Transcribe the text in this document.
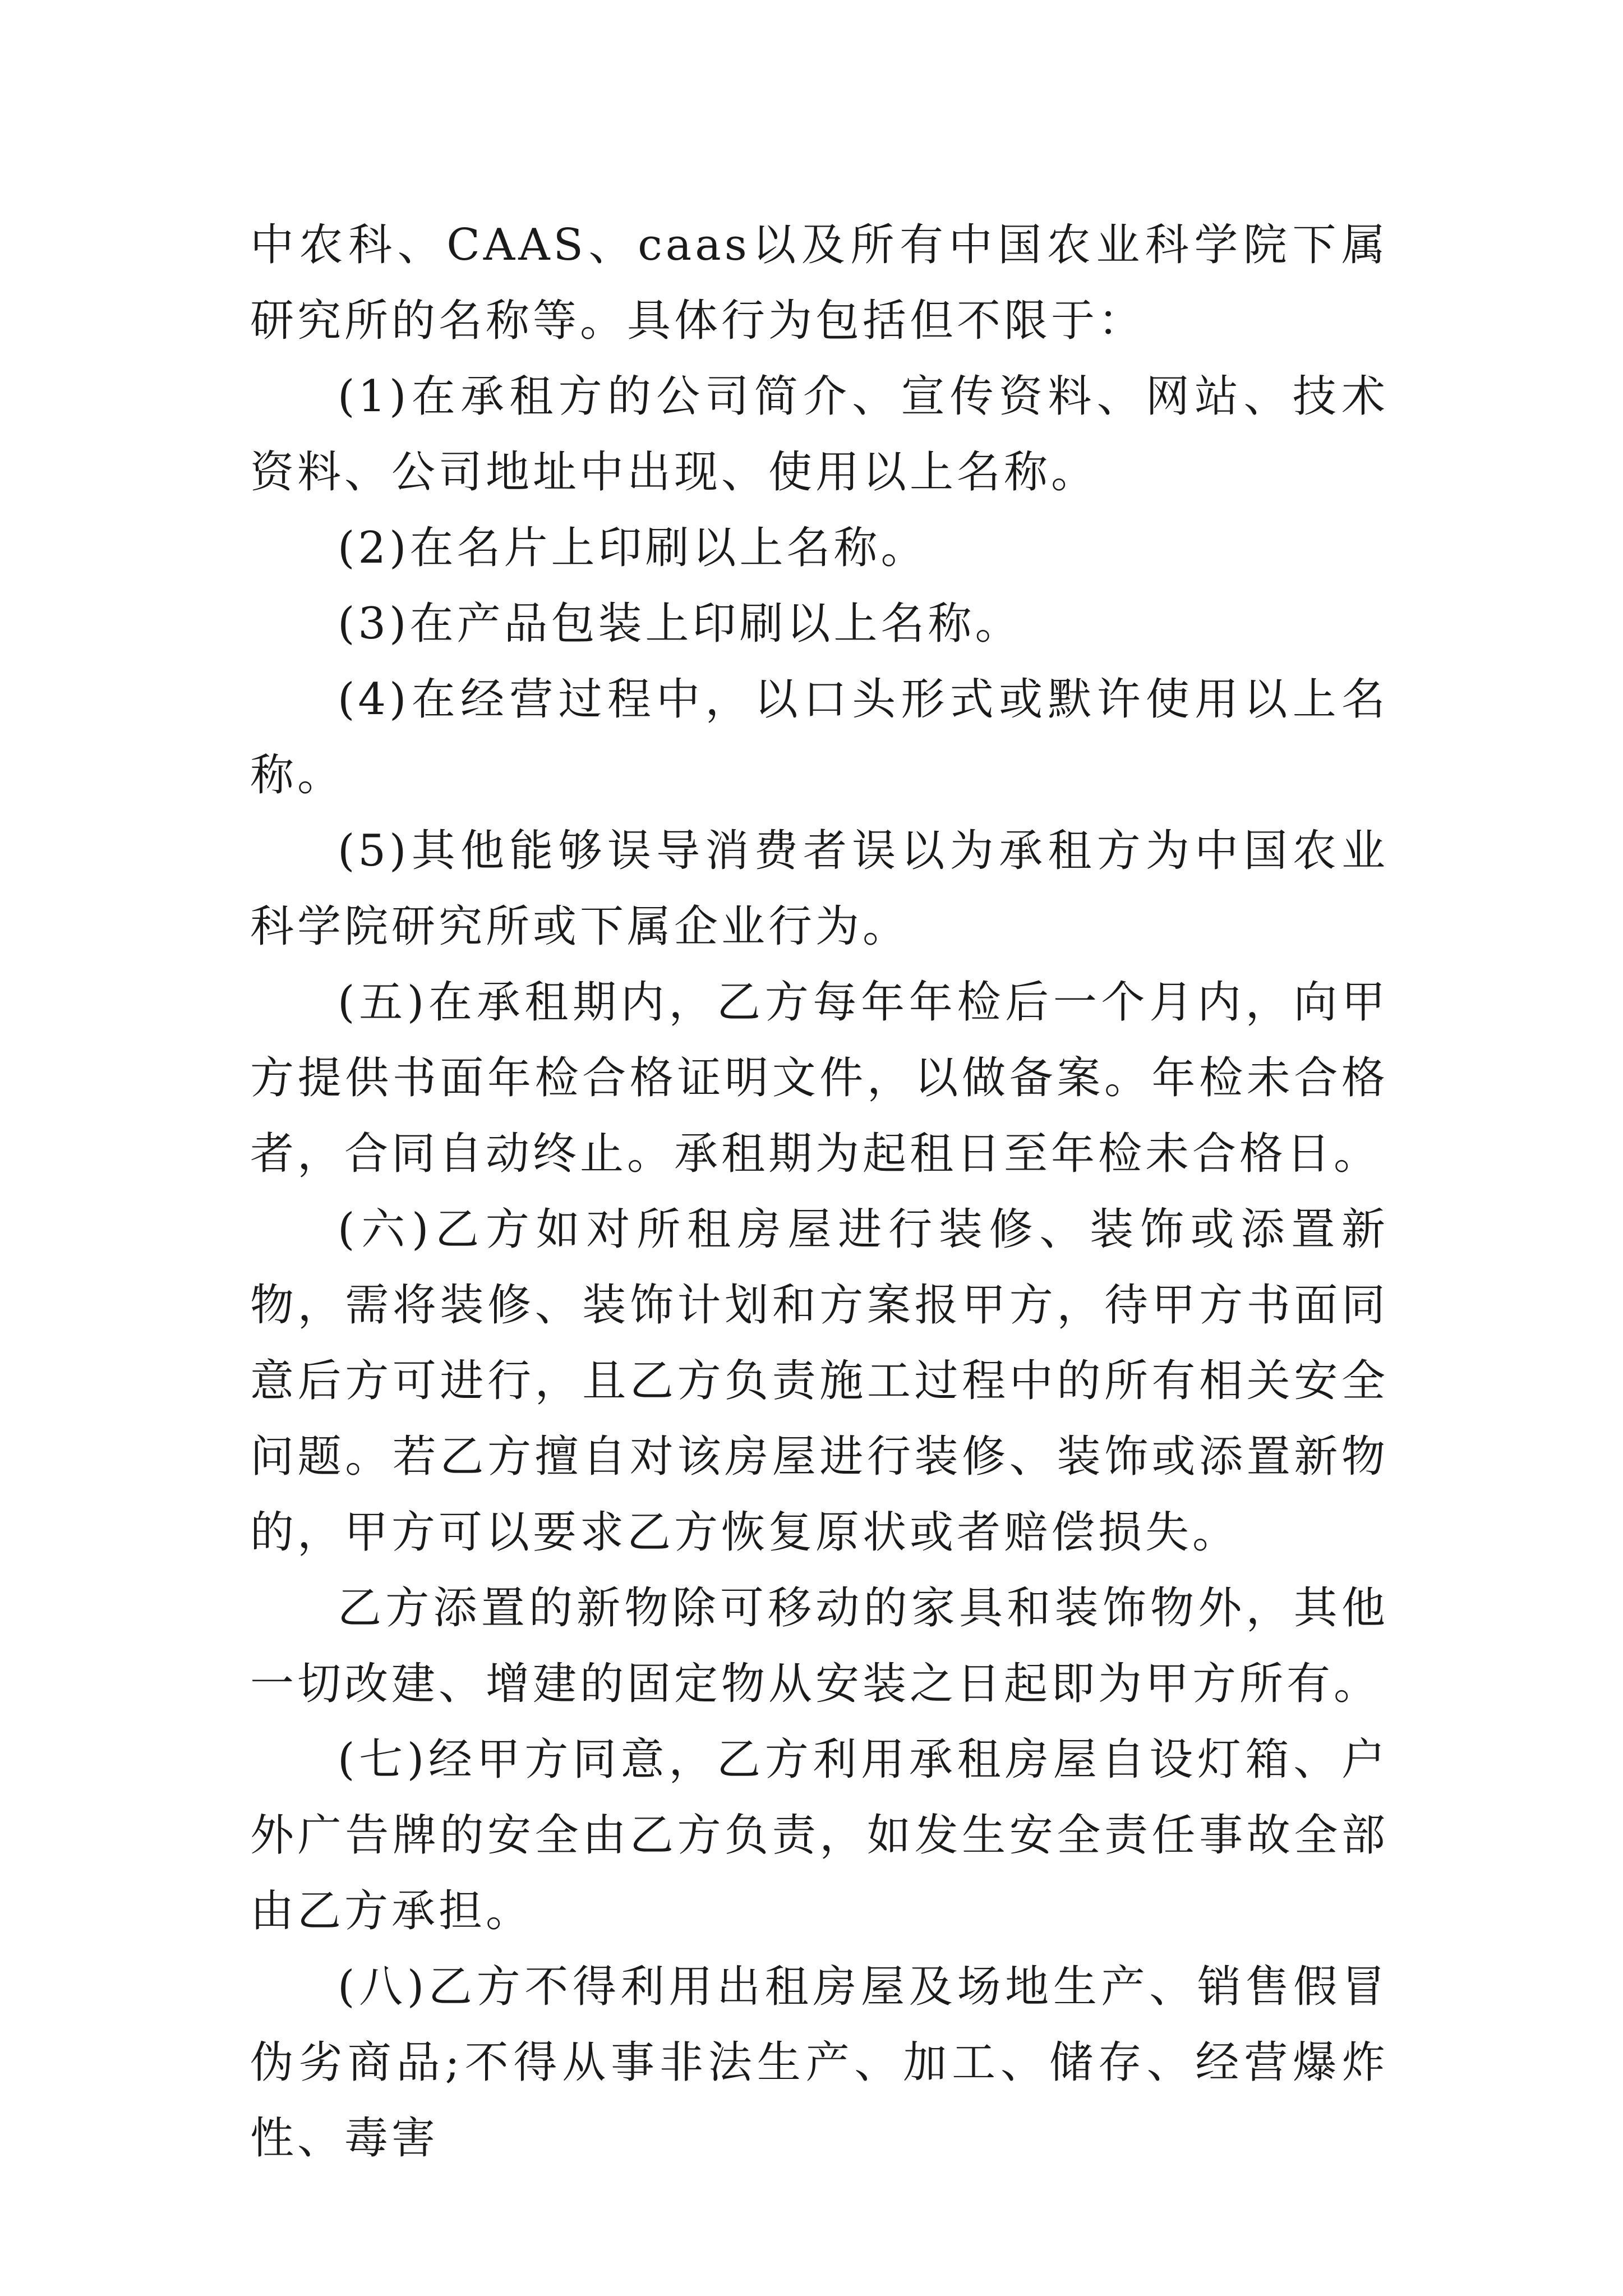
中农科、CAAS、caas以及所有中国农业科学院下属研究所的名称等。具体行为包括但不限于：

(1)在承租方的公司简介、宣传资料、网站、技术资料、公司地址中出现、使用以上名称。

(2)在名片上印刷以上名称。

(3)在产品包装上印刷以上名称。

(4)在经营过程中，以口头形式或默许使用以上名称。

(5)其他能够误导消费者误以为承租方为中国农业科学院研究所或下属企业行为。

(五)在承租期内，乙方每年年检后一个月内，向甲方提供书面年检合格证明文件，以做备案。年检未合格者，合同自动终止。承租期为起租日至年检未合格日。

(六)乙方如对所租房屋进行装修、装饰或添置新物，需将装修、装饰计划和方案报甲方，待甲方书面同意后方可进行，且乙方负责施工过程中的所有相关安全问题。若乙方擅自对该房屋进行装修、装饰或添置新物的，甲方可以要求乙方恢复原状或者赔偿损失。

乙方添置的新物除可移动的家具和装饰物外，其他一切改建、增建的固定物从安装之日起即为甲方所有。

(七)经甲方同意，乙方利用承租房屋自设灯箱、户外广告牌的安全由乙方负责，如发生安全责任事故全部由乙方承担。

(八)乙方不得利用出租房屋及场地生产、销售假冒伪劣商品;不得从事非法生产、加工、储存、经营爆炸性、毒害
